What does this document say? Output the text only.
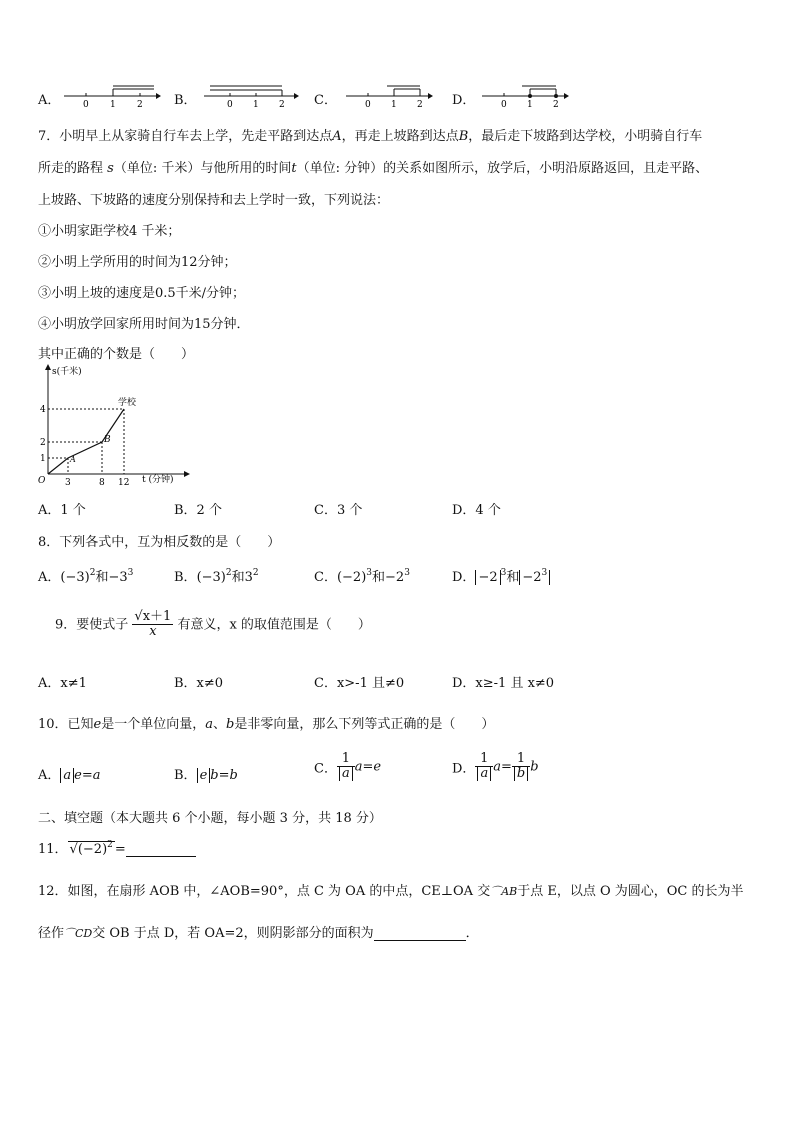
A．	0 1 2 B．	0 1 2 C．	0 1 2 D．	0 1 2
7．小明早上从家骑自行车去上学，先走平路到达点A，再走上坡路到达点B，最后走下坡路到达学校，小明骑自行车
所走的路程 s（单位: 千米）与他所用的时间t（单位: 分钟）的关系如图所示，放学后，小明沿原路返回，且走平路、
上坡路、下坡路的速度分别保持和去上学时一致，下列说法：
①小明家距学校4 千米；
②小明上学所用的时间为12分钟；
③小明上坡的速度是0.5千米/分钟；
④小明放学回家所用时间为15分钟．
其中正确的个数是（　　）
s(千米)
t (分钟)
O
A
B
学校
4
2
1
3	8 12
A．1 个	B．2 个	C．3 个	D．4 个
8．下列各式中，互为相反数的是（　　）
A．$(-3)^2$和$-3^3$	B．$(-3)^2$和$3^2$	C．$(-2)^3$和$-2^3$	D． −2 $^3$和 $-2^3$
9．要使式子 $\frac{√x+1}{x}$ 有意义，x 的取值范围是（　　）
A．x≠1	B．x≠0	C．x>-1 且≠0	D．x≥-1 且 x≠0
10．已知e是一个单位向量，a、b是非零向量，那么下列等式正确的是（　　）
A． a e=a	B． e b=b	C． $\frac{1}{a} a=e$	D． $\frac{1}{a} a= \frac{1}{b}$ b
二、填空题（本大题共 6 个小题，每小题 3 分，共 18 分）
11． $√(-2)^2$ =
12．如图，在扇形 AOB 中，∠AOB=90°，点 C 为 OA 的中点，CE⊥OA 交⌒AB于点 E，以点 O 为圆心，OC 的长为半
径作⌒CD交 OB 于点 D，若 OA=2，则阴影部分的面积为	．
